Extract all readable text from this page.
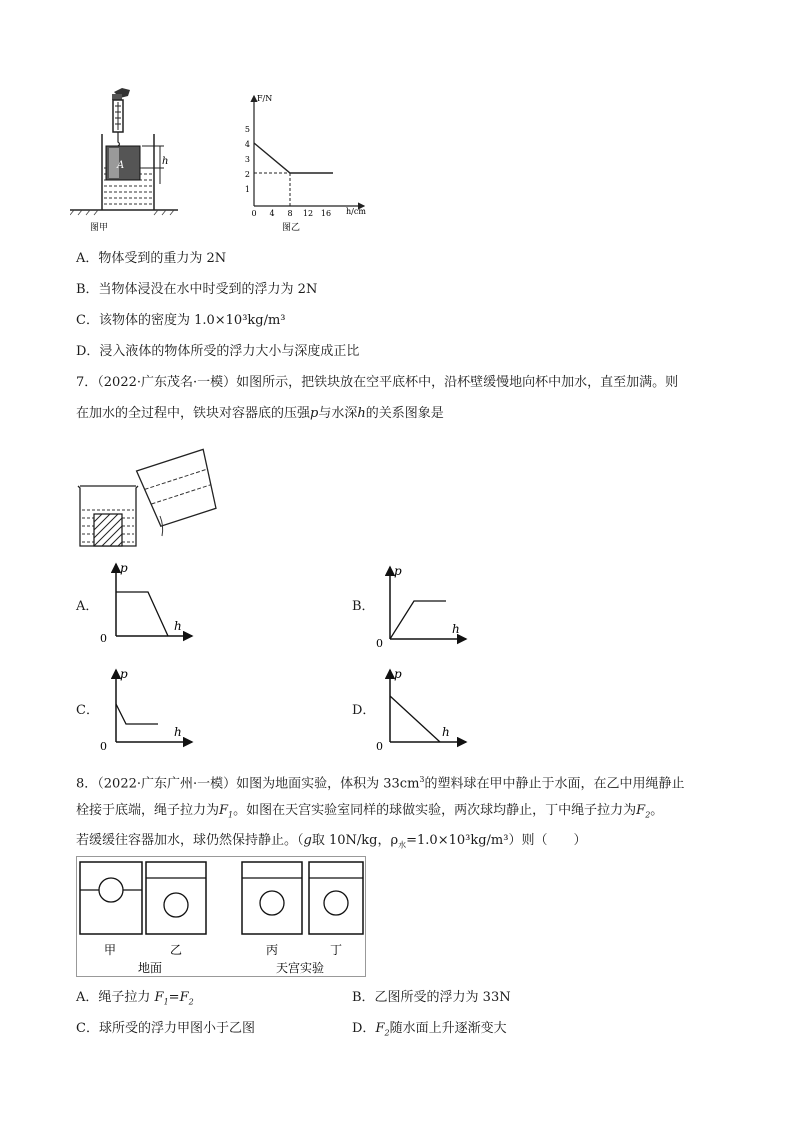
A	h
图甲
F/N
h/cm
1
2
3
4
5
0 4 8 12 16
图乙
A．物体受到的重力为 2N
B．当物体浸没在水中时受到的浮力为 2N
C．该物体的密度为 1.0×10³kg/m³
D．浸入液体的物体所受的浮力大小与深度成正比
7．（2022·广东茂名·一模）如图所示，把铁块放在空平底杯中，沿杯壁缓慢地向杯中加水，直至加满。则
在加水的全过程中，铁块对容器底的压强p与水深h的关系图象是
A．
p
h
0
B．
p
h
0
C．
p
h
0
D．
p
h
0
8．（2022·广东广州·一模）如图为地面实验，体积为 $33cm^3$的塑料球在甲中静止于水面，在乙中用绳静止
栓接于底端，绳子拉力为$F_1$。如图在天宫实验室同样的球做实验，两次球均静止，丁中绳子拉力为$F_2$。
若缓缓往容器加水，球仍然保持静止。（g取 10N/kg，$\rho_水=1.0\times 10^3kg/m^3$）则（　　）
甲	乙	丙	丁
地面	天宫实验
A．绳子拉力 $F_1=F_2$	B．乙图所受的浮力为 33N
C．球所受的浮力甲图小于乙图	D．$F_2$随水面上升逐渐变大
